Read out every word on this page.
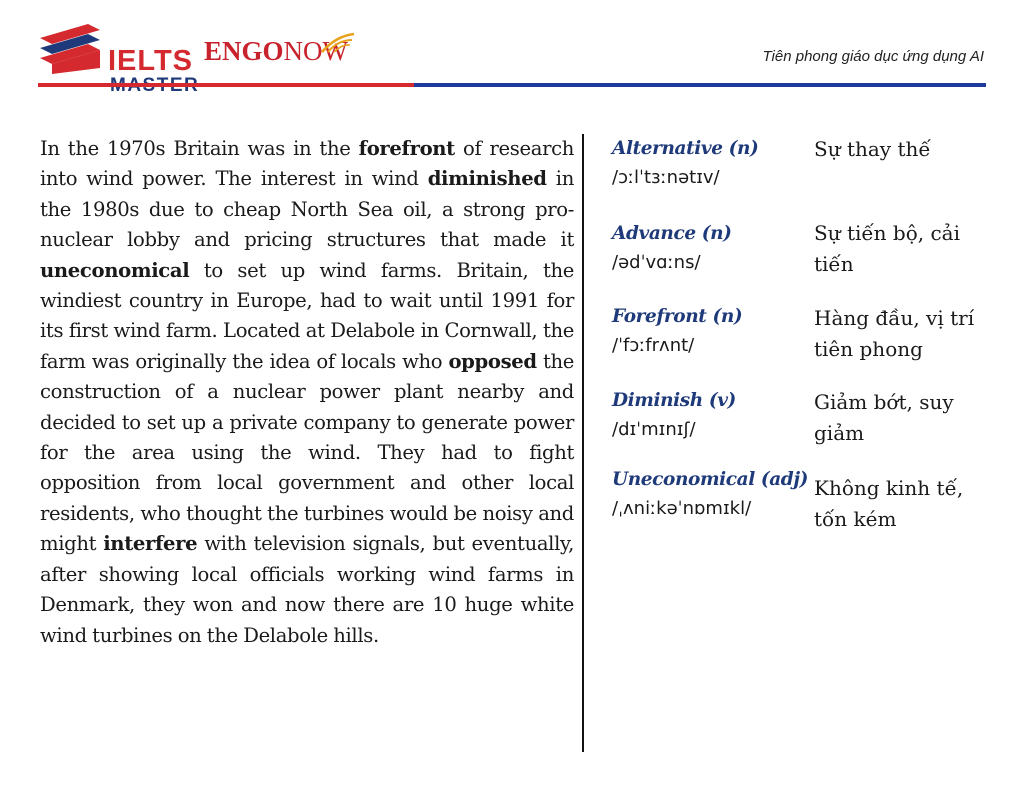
IELTS ENGONOW	Tiên phong giáo dục ứng dụng AI
In the 1970s Britain was in the forefront of research into wind power. The interest in wind diminished in the 1980s due to cheap North Sea oil, a strong pro-nuclear lobby and pricing structures that made it uneconomical to set up wind farms. Britain, the windiest country in Europe, had to wait until 1991 for its first wind farm. Located at Delabole in Cornwall, the farm was originally the idea of locals who opposed the construction of a nuclear power plant nearby and decided to set up a private company to generate power for the area using the wind. They had to fight opposition from local government and other local residents, who thought the turbines would be noisy and might interfere with television signals, but eventually, after showing local officials working wind farms in Denmark, they won and now there are 10 huge white wind turbines on the Delabole hills.
Alternative (n)
/ɔːlˈtɜːnətɪv/
Sự thay thế
Advance (n)
/ədˈvɑːns/
Sự tiến bộ, cải tiến
Forefront (n)
/ˈfɔːfrʌnt/
Hàng đầu, vị trí tiên phong
Diminish (v)
/dɪˈmɪnɪʃ/
Giảm bớt, suy giảm
Uneconomical (adj)
/ˌʌniːkəˈnɒmɪkl/
Không kinh tế, tốn kém
